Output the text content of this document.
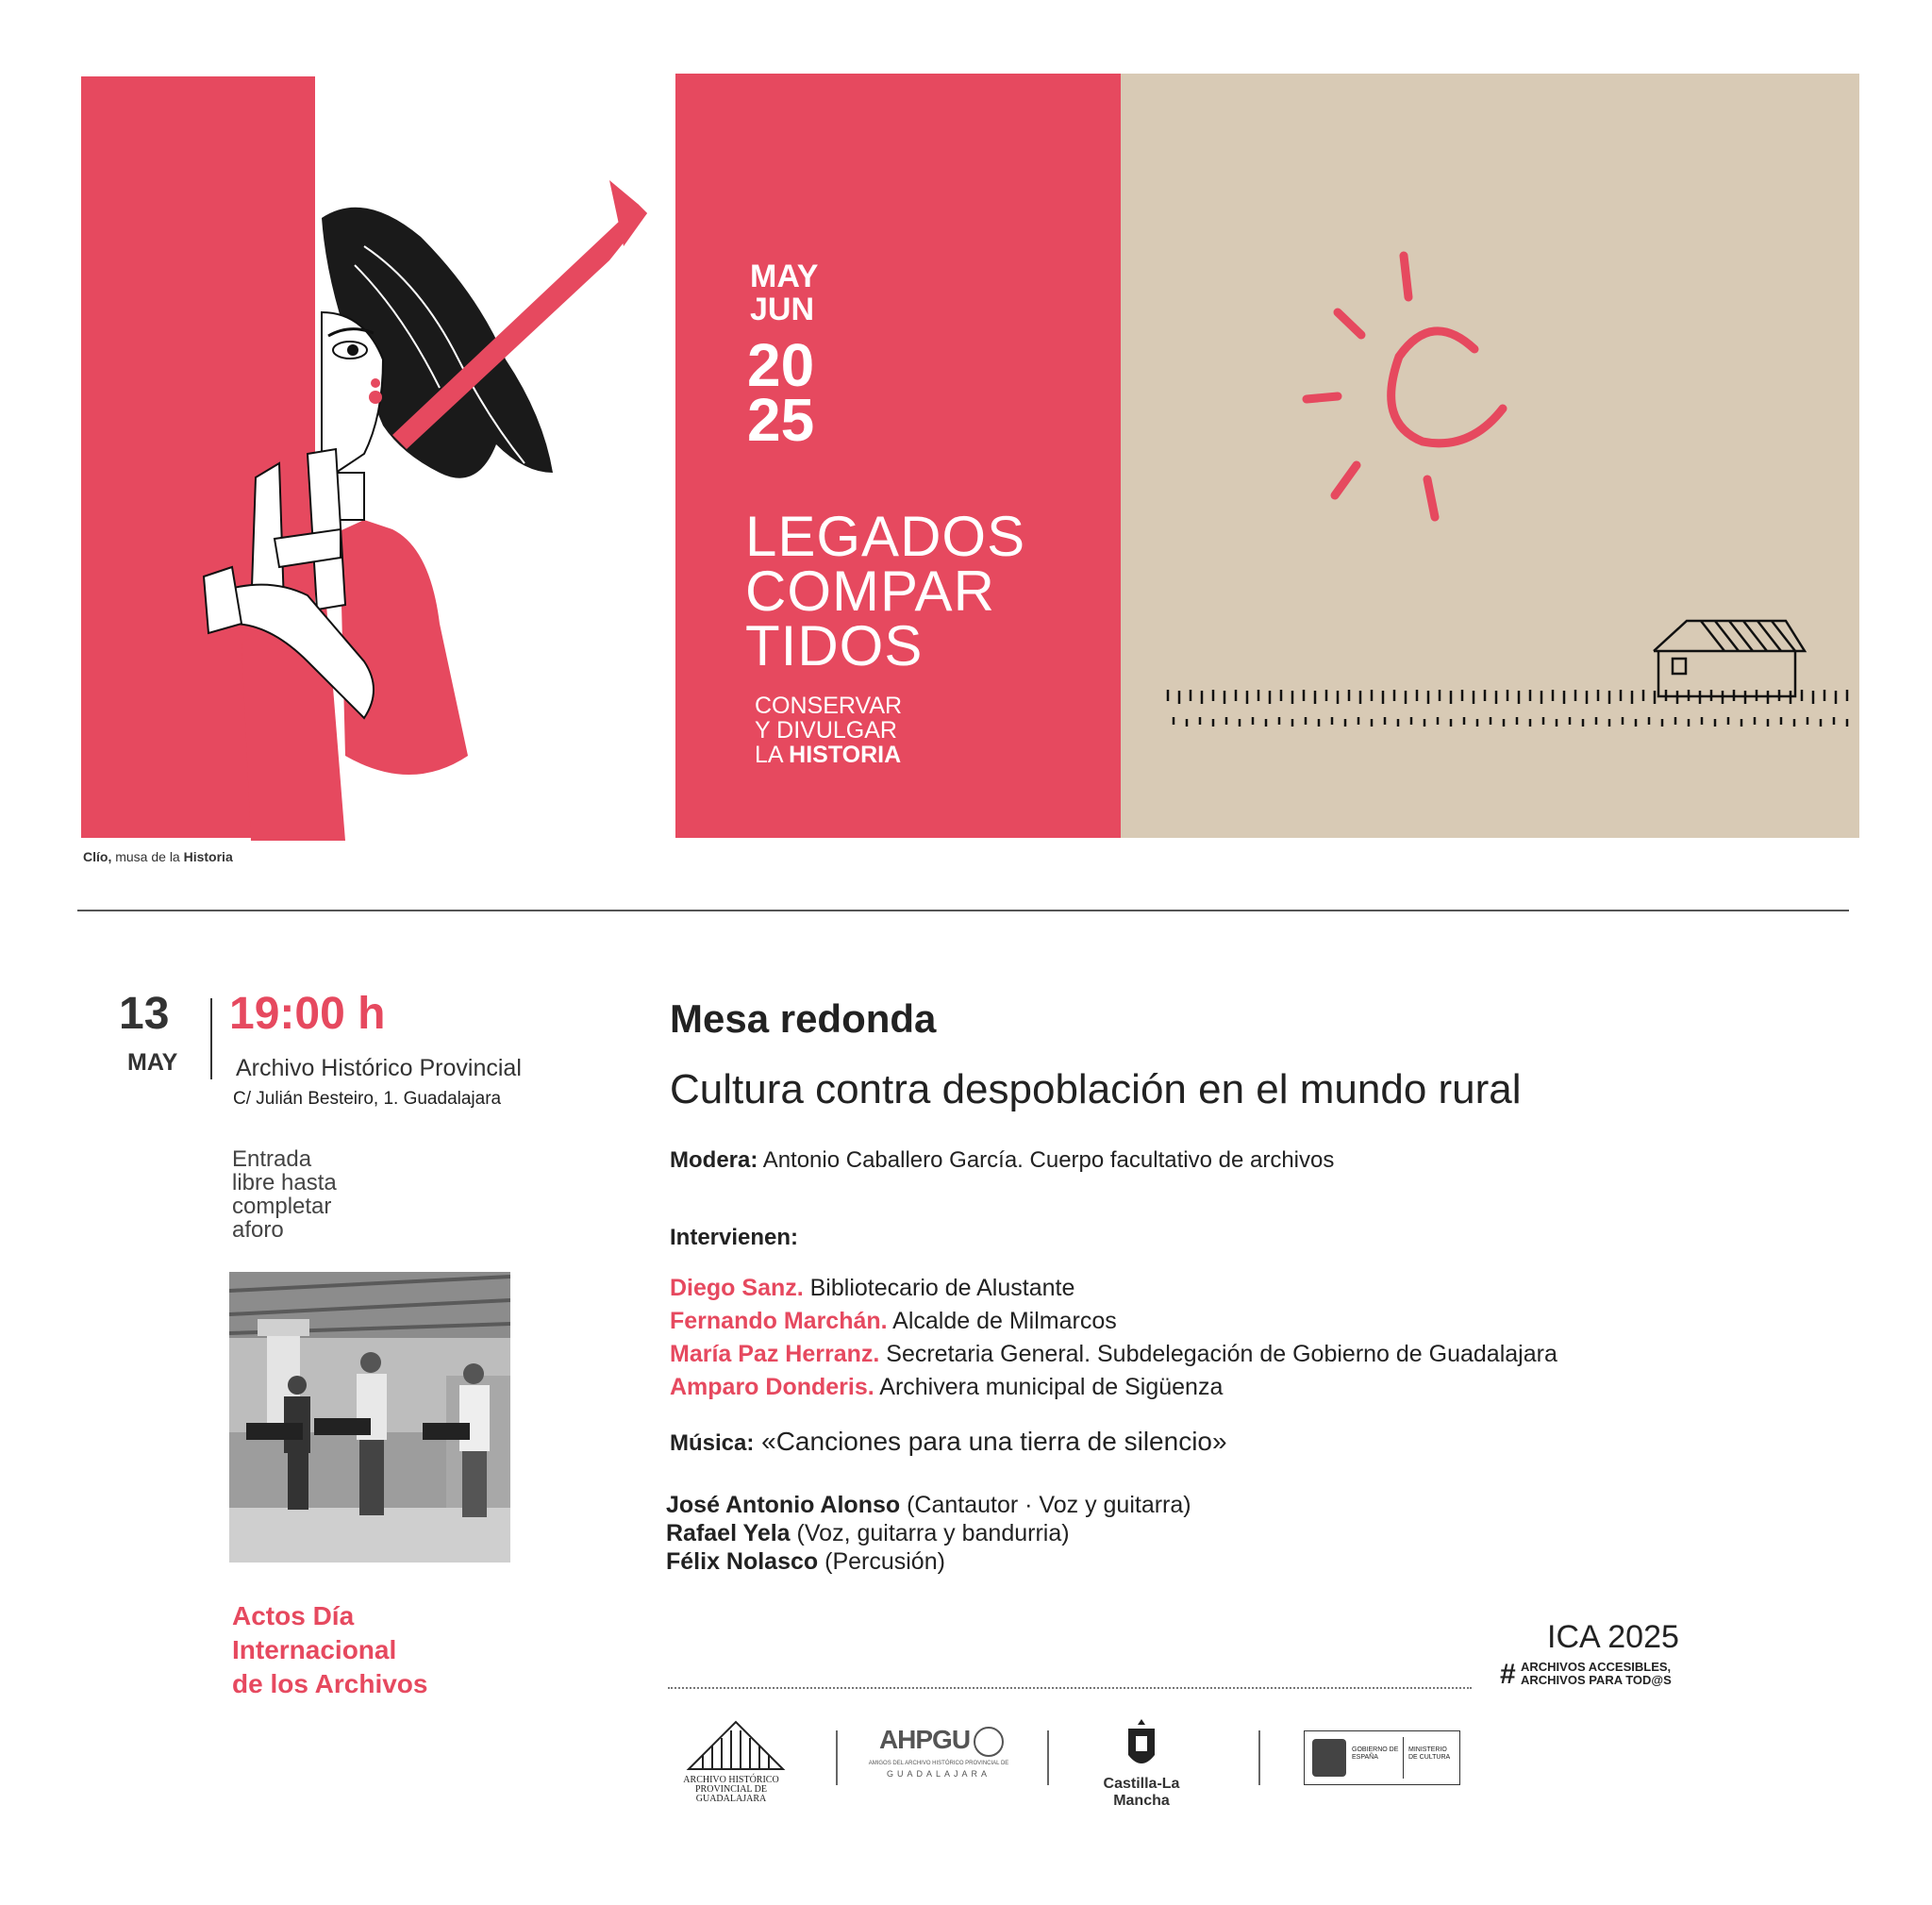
Clío, musa de la Historia
MAY
JUN
20
25
LEGADOS
COMPAR
TIDOS
CONSERVAR
Y DIVULGAR
LA HISTORIA
13
MAY
19:00 h
Archivo Histórico Provincial
C/ Julián Besteiro, 1. Guadalajara
Entrada
libre hasta
completar
aforo
Actos Día
Internacional
de los Archivos
Mesa redonda
Cultura contra despoblación en el mundo rural
Modera: Antonio Caballero García. Cuerpo facultativo de archivos
Intervienen:
Diego Sanz. Bibliotecario de Alustante
Fernando Marchán. Alcalde de Milmarcos
María Paz Herranz. Secretaria General. Subdelegación de Gobierno de Guadalajara
Amparo Donderis. Archivera municipal de Sigüenza
Música: «Canciones para una tierra de silencio»
José Antonio Alonso (Cantautor · Voz y guitarra)
Rafael Yela (Voz, guitarra y bandurria)
Félix Nolasco (Percusión)
ICA 2025
# ARCHIVOS ACCESIBLES,
ARCHIVOS PARA TOD@S
ARCHIVO HISTÓRICO
PROVINCIAL DE GUADALAJARA
AHPGU
AMIGOS DEL ARCHIVO HISTÓRICO PROVINCIAL DE
GUADALAJARA
Castilla-La Mancha
GOBIERNO DE ESPAÑA
MINISTERIO DE CULTURA
